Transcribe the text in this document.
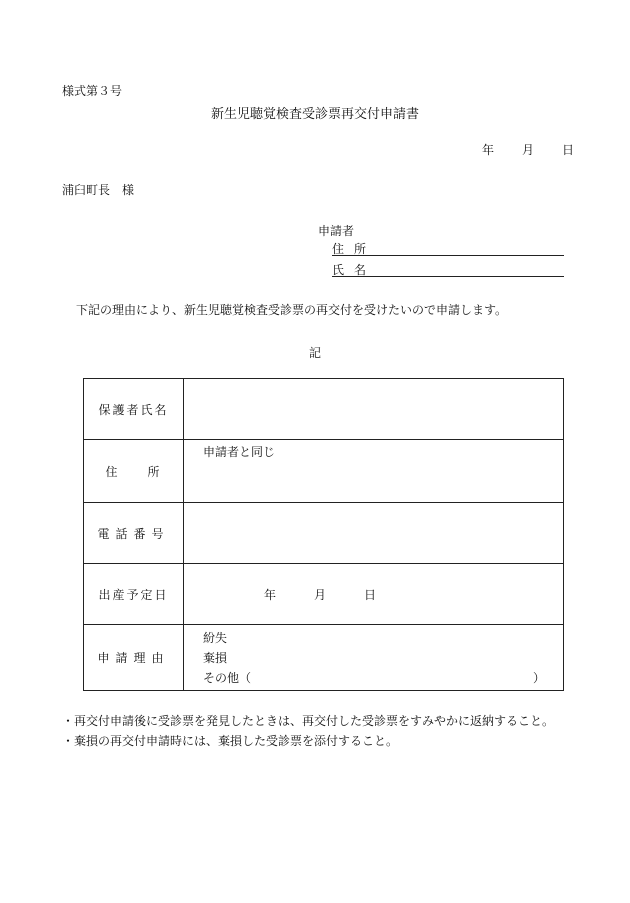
様式第３号
新生児聴覚検査受診票再交付申請書
年 月 日
浦臼町長　様
申請者
住所
氏名
下記の理由により、新生児聴覚検査受診票の再交付を受けたいので申請します。
記
保護者氏名	
住　　所	申請者と同じ
電話番号	
出産予定日	年 月 日
申請理由	紛失
棄損
その他（ ）
・再交付申請後に受診票を発見したときは、再交付した受診票をすみやかに返納すること。
・棄損の再交付申請時には、棄損した受診票を添付すること。
